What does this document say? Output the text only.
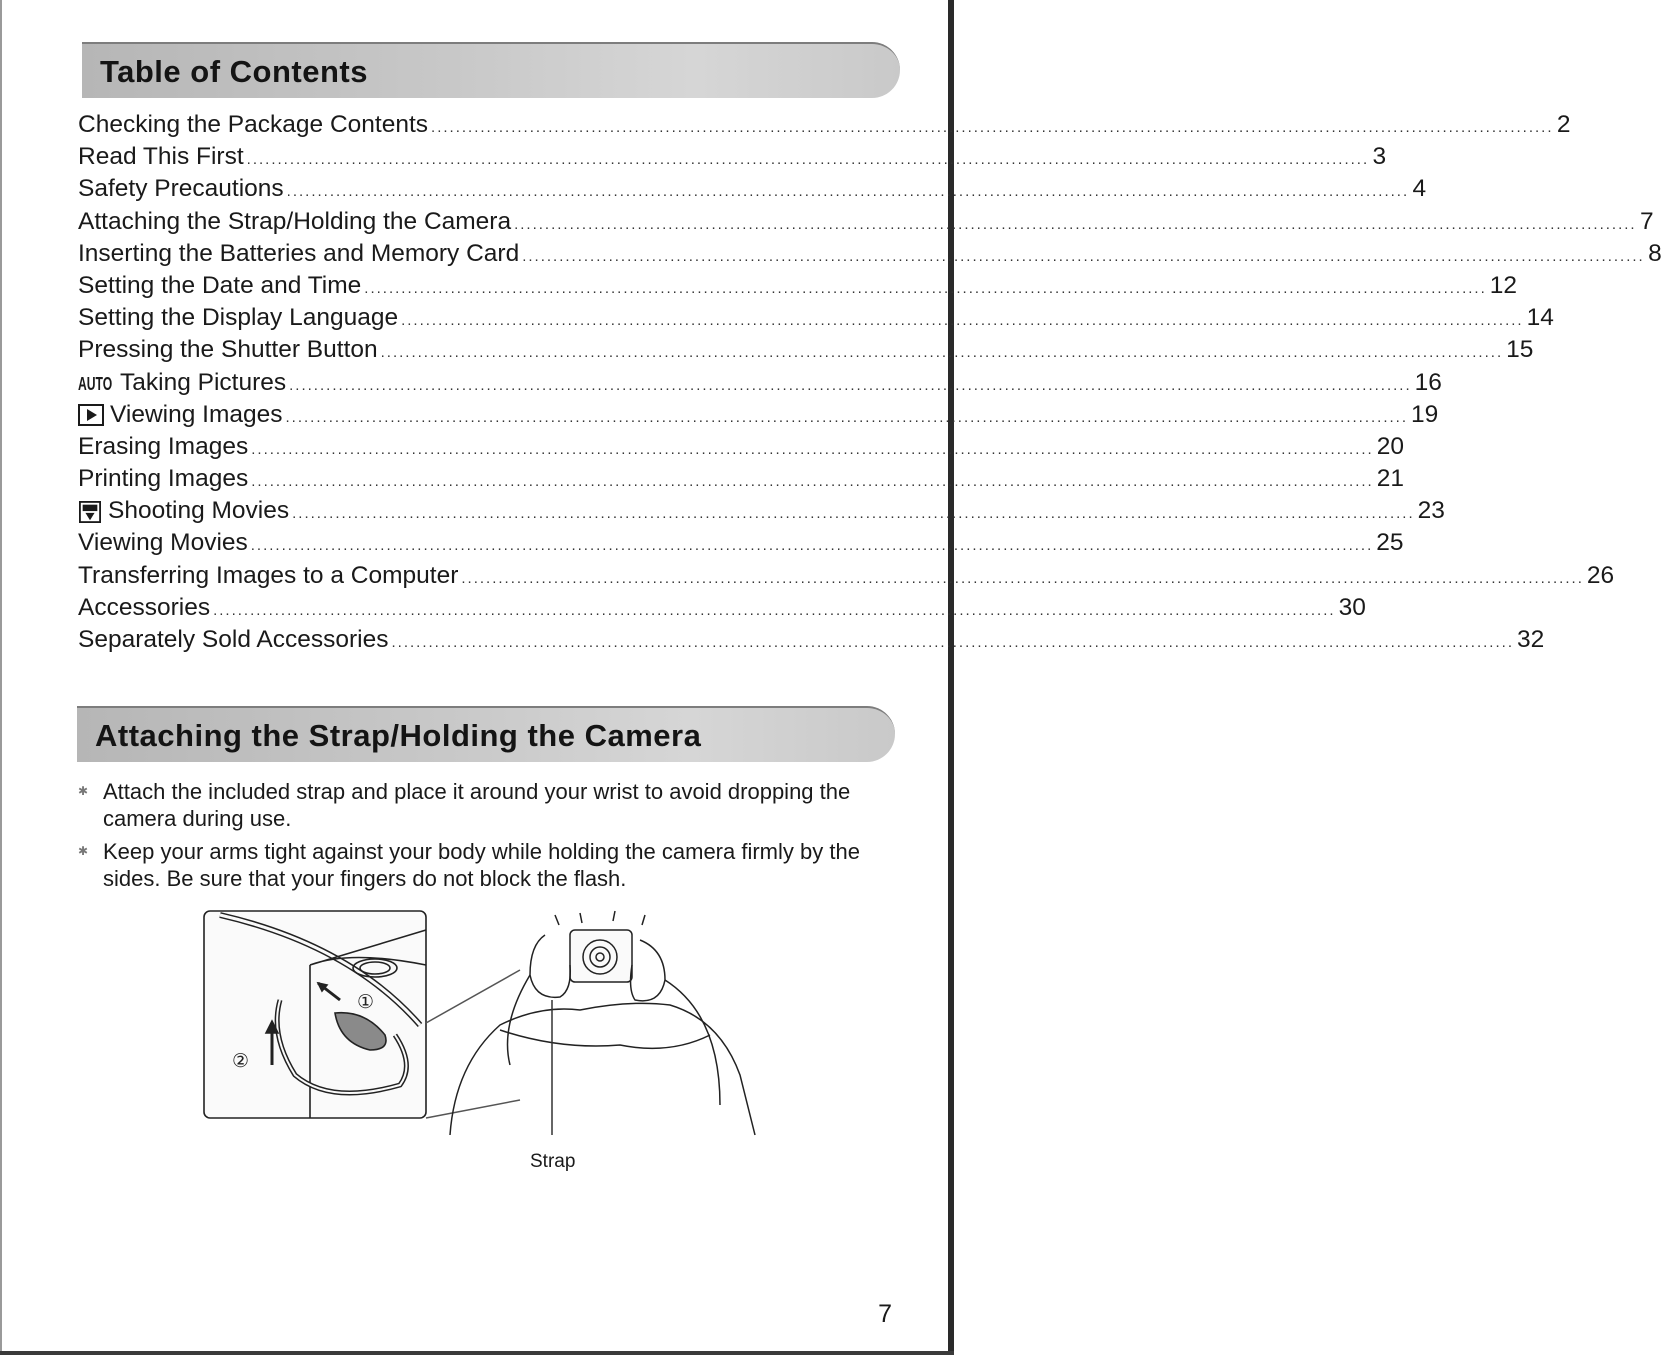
Table of Contents
Checking the Package Contents .....	2
Read This First .....	3
Safety Precautions .....	4
Attaching the Strap/Holding the Camera .....	7
Inserting the Batteries and Memory Card .....	8
Setting the Date and Time .....	12
Setting the Display Language .....	14
Pressing the Shutter Button .....	15
AUTO Taking Pictures .....	16
Viewing Images .....	19
Erasing Images .....	20
Printing Images .....	21
Shooting Movies .....	23
Viewing Movies .....	25
Transferring Images to a Computer .....	26
Accessories .....	30
Separately Sold Accessories .....	32
Attaching the Strap/Holding the Camera
✱ Attach the included strap and place it around your wrist to avoid dropping the camera during use.
✱ Keep your arms tight against your body while holding the camera firmly by the sides. Be sure that your fingers do not block the flash.
①
②
Strap
7
